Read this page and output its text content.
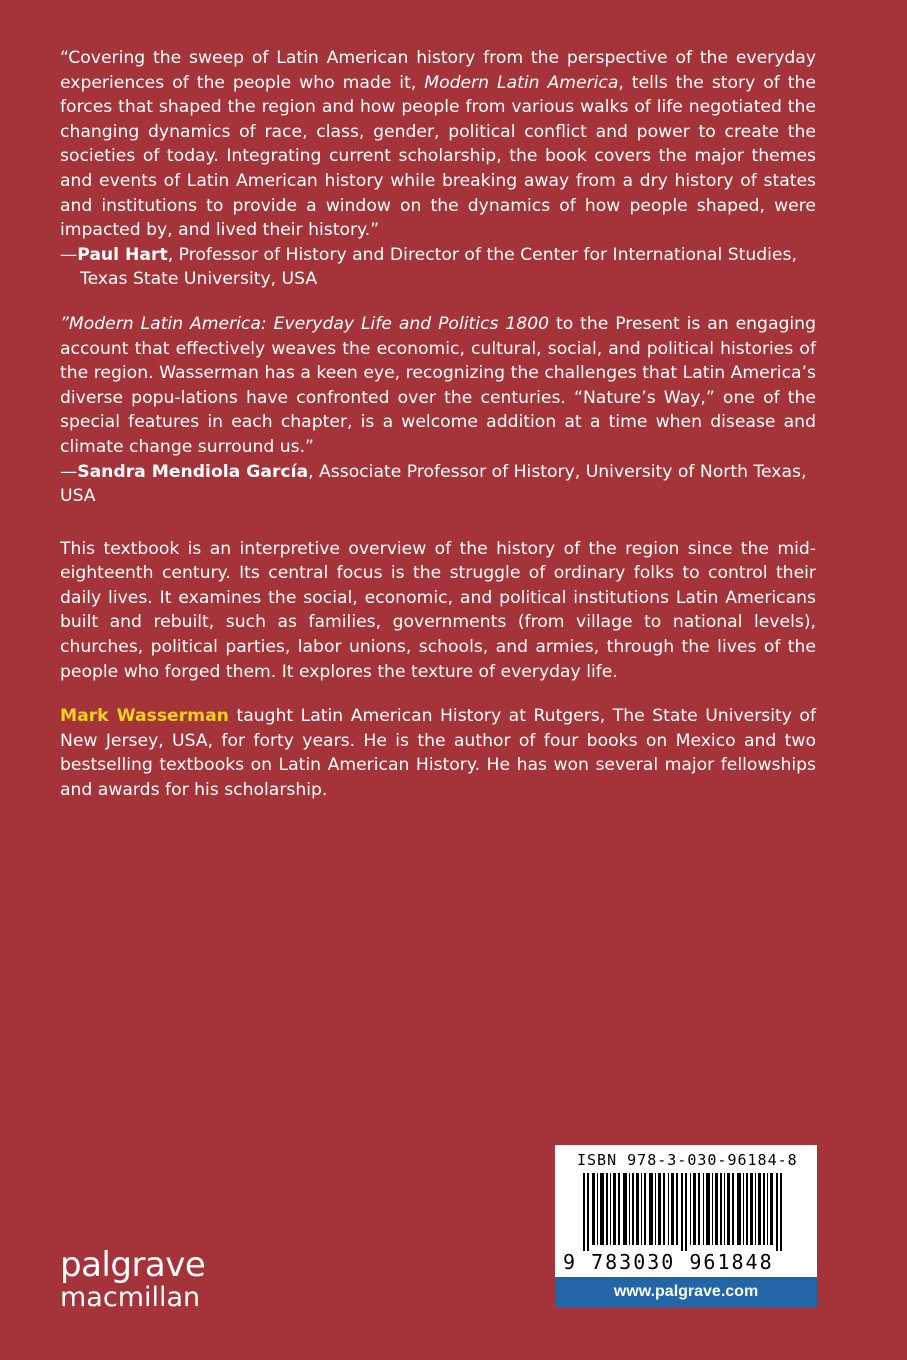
“Covering the sweep of Latin American history from the perspective of the everyday experiences of the people who made it, Modern Latin America, tells the story of the forces that shaped the region and how people from various walks of life negotiated the changing dynamics of race, class, gender, political conflict and power to create the societies of today. Integrating current scholarship, the book covers the major themes and events of Latin American history while breaking away from a dry history of states and institutions to provide a window on the dynamics of how people shaped, were impacted by, and lived their history.”

—Paul Hart, Professor of History and Director of the Center for International Studies,

Texas State University, USA

”Modern Latin America: Everyday Life and Politics 1800 to the Present is an engaging account that effectively weaves the economic, cultural, social, and political histories of the region. Wasserman has a keen eye, recognizing the challenges that Latin America’s diverse popu-lations have confronted over the centuries. “Nature’s Way,” one of the special features in each chapter, is a welcome addition at a time when disease and climate change surround us.”

—Sandra Mendiola García, Associate Professor of History, University of North Texas, USA

This textbook is an interpretive overview of the history of the region since the mid-eighteenth century. Its central focus is the struggle of ordinary folks to control their daily lives. It examines the social, economic, and political institutions Latin Americans built and rebuilt, such as families, governments (from village to national levels), churches, political parties, labor unions, schools, and armies, through the lives of the people who forged them. It explores the texture of everyday life.

Mark Wasserman taught Latin American History at Rutgers, The State University of New Jersey, USA, for forty years. He is the author of four books on Mexico and two bestselling textbooks on Latin American History. He has won several major fellowships and awards for his scholarship.

palgrave
macmillan
ISBN 978-3-030-96184-8
9 783030 961848
www.palgrave.com
